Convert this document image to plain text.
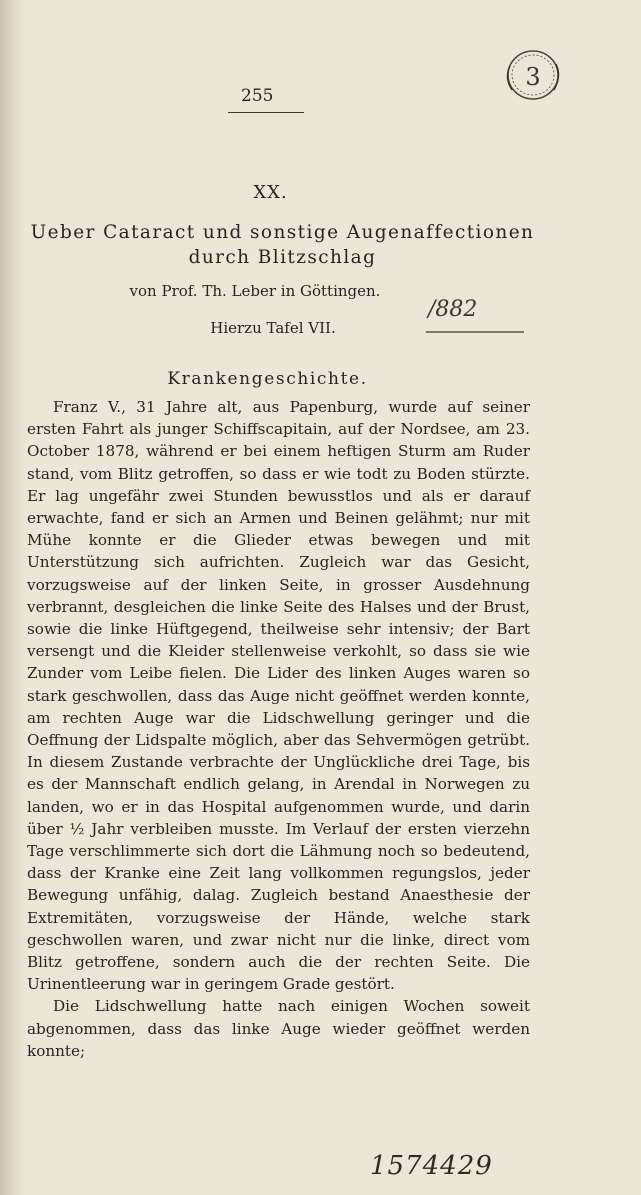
255
3
XX.
Ueber Cataract und sonstige Augenaffectionen
durch Blitzschlag
von Prof. Th. Leber in Göttingen.
Hierzu Tafel VII.
/882
Krankengeschichte.

Franz V., 31 Jahre alt, aus Papenburg, wurde auf seiner ersten Fahrt als junger Schiffscapitain, auf der Nordsee, am 23. October 1878, während er bei einem heftigen Sturm am Ruder stand, vom Blitz getroffen, so dass er wie todt zu Boden stürzte. Er lag ungefähr zwei Stunden bewusstlos und als er darauf erwachte, fand er sich an Armen und Beinen gelähmt; nur mit Mühe konnte er die Glieder etwas bewegen und mit Unterstützung sich aufrichten. Zugleich war das Gesicht, vorzugsweise auf der linken Seite, in grosser Ausdehnung verbrannt, desgleichen die linke Seite des Halses und der Brust, sowie die linke Hüftgegend, theilweise sehr intensiv; der Bart versengt und die Kleider stellenweise verkohlt, so dass sie wie Zunder vom Leibe fielen. Die Lider des linken Auges waren so stark geschwollen, dass das Auge nicht geöffnet werden konnte, am rechten Auge war die Lidschwellung geringer und die Oeffnung der Lidspalte möglich, aber das Sehvermögen getrübt. In diesem Zustande verbrachte der Unglückliche drei Tage, bis es der Mannschaft endlich gelang, in Arendal in Norwegen zu landen, wo er in das Hospital aufgenommen wurde, und darin über ½ Jahr verbleiben musste. Im Verlauf der ersten vierzehn Tage verschlimmerte sich dort die Lähmung noch so bedeutend, dass der Kranke eine Zeit lang vollkommen regungslos, jeder Bewegung unfähig, dalag. Zugleich bestand Anaesthesie der Extremitäten, vorzugsweise der Hände, welche stark geschwollen waren, und zwar nicht nur die linke, direct vom Blitz getroffene, sondern auch die der rechten Seite. Die Urinentleerung war in geringem Grade gestört.

Die Lidschwellung hatte nach einigen Wochen soweit abgenommen, dass das linke Auge wieder geöffnet werden konnte;

1574429
